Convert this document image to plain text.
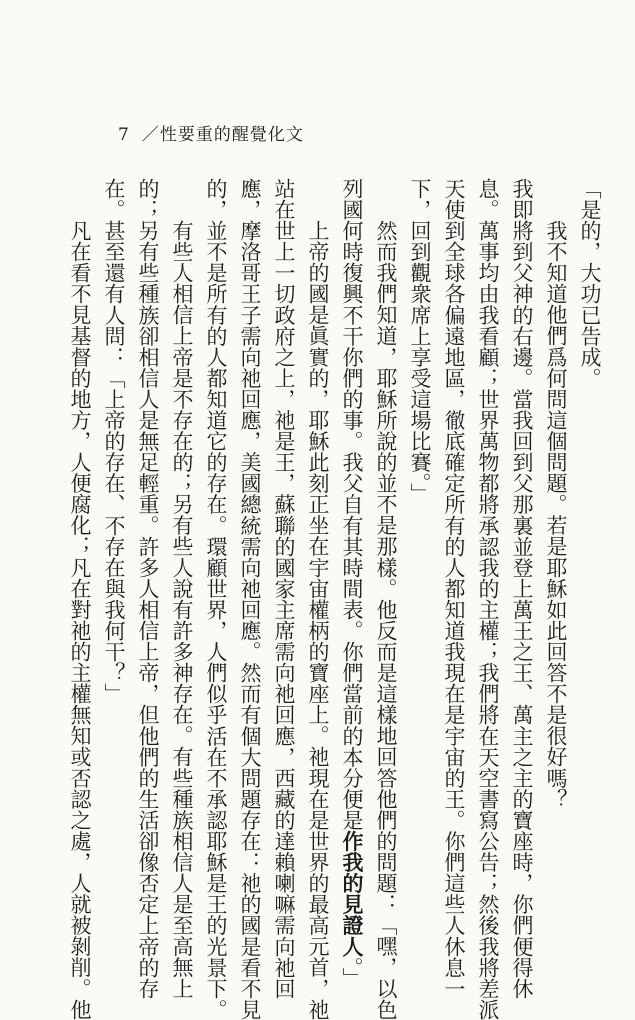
7 ／性要重的醒覺化文
「是的，大功已告成。
我不知道他們爲何問這個問題。若是耶穌如此回答不是很好嗎？
我即將到父神的右邊。當我回到父那裏並登上萬王之王、萬主之主的寶座時，你們便得休
息。萬事均由我看顧；世界萬物都將承認我的主權；我們將在天空書寫公告；然後我將差派
天使到全球各偏遠地區，徹底確定所有的人都知道我現在是宇宙的王。你們這些人休息一
下，回到觀衆席上享受這場比賽。」
然而我們知道，耶穌所說的並不是那樣。他反而是這樣地回答他們的問題：「嘿，以色
列國何時復興不干你們的事。我父自有其時間表。你們當前的本分便是作我的見證人。」
上帝的國是眞實的，耶穌此刻正坐在宇宙權柄的寶座上。祂現在是世界的最高元首，祂
站在世上一切政府之上，祂是王，蘇聯的國家主席需向祂回應，西藏的達賴喇嘛需向祂回
應，摩洛哥王子需向祂回應，美國總統需向祂回應。然而有個大問題存在：祂的國是看不見
的，並不是所有的人都知道它的存在。環顧世界，人們似乎活在不承認耶穌是王的光景下。
有些人相信上帝是不存在的；另有些人說有許多神存在。有些種族相信人是至高無上
的；另有些種族卻相信人是無足輕重。許多人相信上帝，但他們的生活卻像否定上帝的存
在。甚至還有人問：「上帝的存在、不存在與我何干？」
凡在看不見基督的地方，人便腐化；凡在對祂的主權無知或否認之處，人就被剝削。他
